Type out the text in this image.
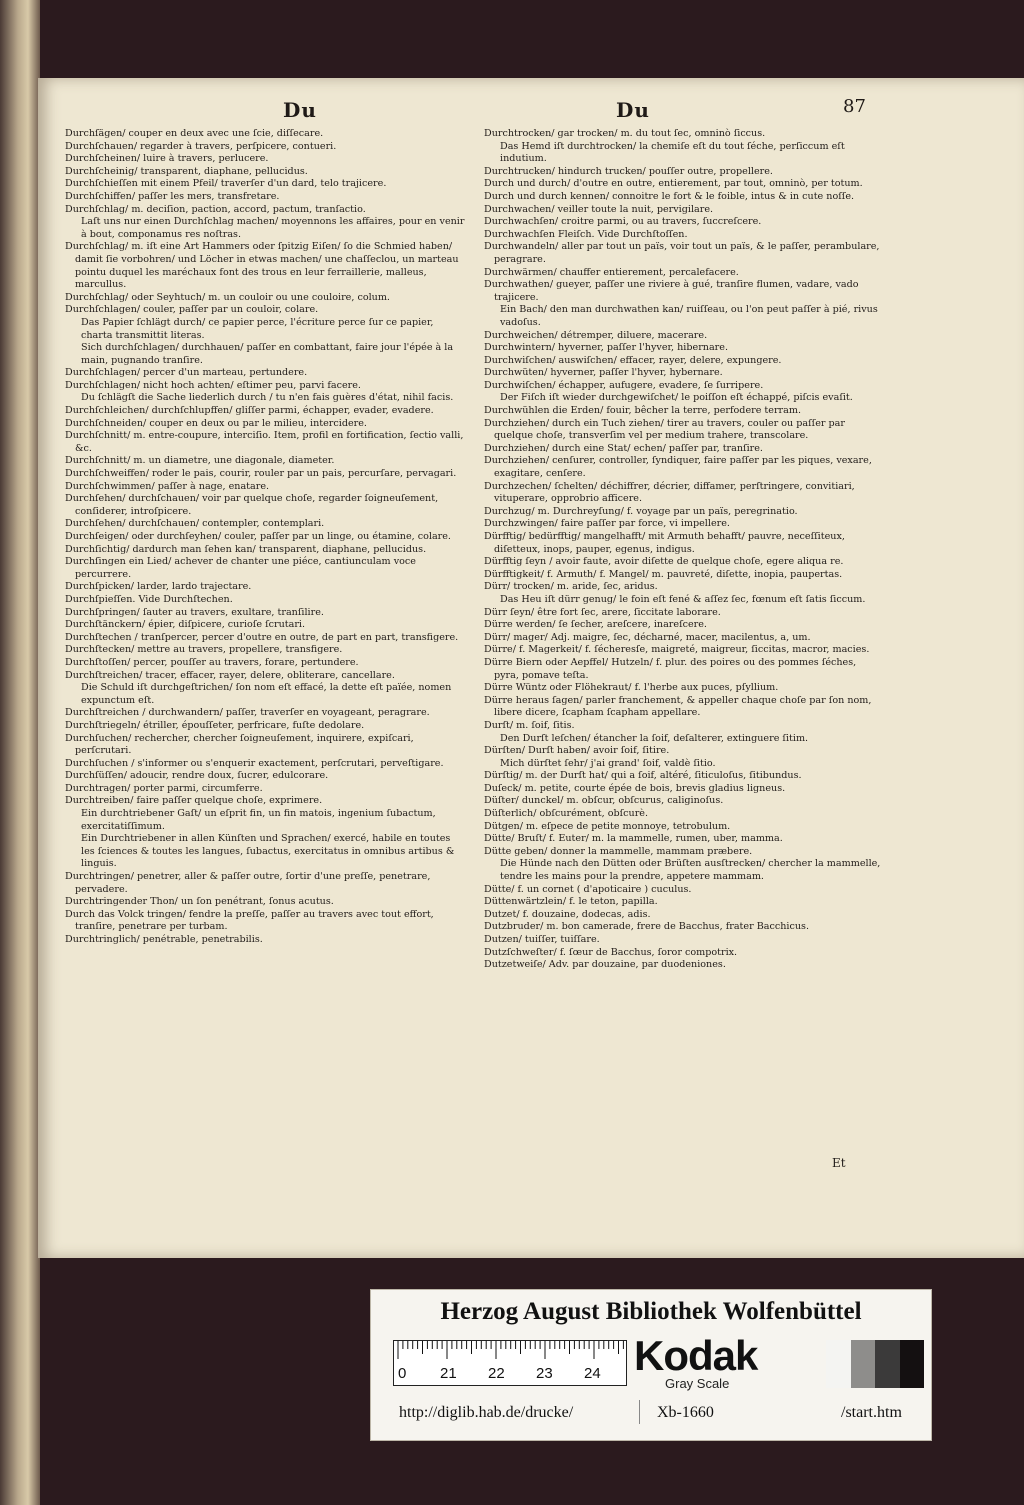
Du	Du	87

Durchſägen/ couper en deux avec une ſcie, diſſecare.

Durchſchauen/ regarder à travers, perſpicere, contueri.

Durchſcheinen/ luire à travers, perlucere.

Durchſcheinig/ transparent, diaphane, pellucidus.

Durchſchieſſen mit einem Pfeil/ traverſer d'un dard, telo trajicere.

Durchſchiffen/ paſſer les mers, transfretare.

Durchſchlag/ m. deciſion, paction, accord, pactum, tranſactio.

Laſt uns nur einen Durchſchlag machen/ moyennons les affaires, pour en venir à bout, componamus res noſtras.

Durchſchlag/ m. iſt eine Art Hammers oder ſpitzig Eiſen/ ſo die Schmied haben/ damit ſie vorbohren/ und Löcher in etwas machen/ une chaſſeclou, un marteau pointu duquel les maréchaux font des trous en leur ferraillerie, malleus, marcullus.

Durchſchlag/ oder Seyhtuch/ m. un couloir ou une couloire, colum.

Durchſchlagen/ couler, paſſer par un couloir, colare.

Das Papier ſchlägt durch/ ce papier perce, l'écriture perce ſur ce papier, charta transmittit literas.

Sich durchſchlagen/ durchhauen/ paſſer en combattant, faire jour l'épée à la main, pugnando tranſire.

Durchſchlagen/ percer d'un marteau, pertundere.

Durchſchlagen/ nicht hoch achten/ eſtimer peu, parvi facere.

Du ſchlägſt die Sache liederlich durch / tu n'en fais guères d'état, nihil facis.

Durchſchleichen/ durchſchlupffen/ gliſſer parmi, échapper, evader, evadere.

Durchſchneiden/ couper en deux ou par le milieu, intercidere.

Durchſchnitt/ m. entre-coupure, interciſio. Item, profil en fortification, ſectio valli, &c.

Durchſchnitt/ m. un diametre, une diagonale, diameter.

Durchſchweiffen/ roder le pais, courir, rouler par un pais, percurſare, pervagari.

Durchſchwimmen/ paſſer à nage, enatare.

Durchſehen/ durchſchauen/ voir par quelque choſe, regarder ſoigneuſement, conſiderer, introſpicere.

Durchſehen/ durchſchauen/ contempler, contemplari.

Durchſeigen/ oder durchſeyhen/ couler, paſſer par un linge, ou étamine, colare.

Durchſichtig/ dardurch man ſehen kan/ transparent, diaphane, pellucidus.

Durchſingen ein Lied/ achever de chanter une piéce, cantiunculam voce percurrere.

Durchſpicken/ larder, lardo trajectare.

Durchſpieſſen. Vide Durchſtechen.

Durchſpringen/ ſauter au travers, exultare, tranſilire.

Durchſtänckern/ épier, diſpicere, curioſe ſcrutari.

Durchſtechen / tranſpercer, percer d'outre en outre, de part en part, transfigere.

Durchſtecken/ mettre au travers, propellere, transfigere.

Durchſtoſſen/ percer, pouſſer au travers, forare, pertundere.

Durchſtreichen/ tracer, effacer, rayer, delere, obliterare, cancellare.

Die Schuld iſt durchgeſtrichen/ ſon nom eſt effacé, la dette eſt païée, nomen expunctum eſt.

Durchſtreichen / durchwandern/ paſſer, traverſer en voyageant, peragrare.

Durchſtriegeln/ étriller, épouſſeter, perfricare, fuſte dedolare.

Durchſuchen/ rechercher, chercher ſoigneuſement, inquirere, expiſcari, perſcrutari.

Durchſuchen / s'informer ou s'enquerir exactement, perſcrutari, perveſtigare.

Durchſüſſen/ adoucir, rendre doux, ſucrer, edulcorare.

Durchtragen/ porter parmi, circumferre.

Durchtreiben/ faire paſſer quelque choſe, exprimere.

Ein durchtriebener Gaſt/ un eſprit fin, un fin matois, ingenium ſubactum, exercitatiſſimum.

Ein Durchtriebener in allen Künſten und Sprachen/ exercé, habile en toutes les ſciences & toutes les langues, ſubactus, exercitatus in omnibus artibus & linguis.

Durchtringen/ penetrer, aller & paſſer outre, ſortir d'une preſſe, penetrare, pervadere.

Durchtringender Thon/ un ſon penétrant, ſonus acutus.

Durch das Volck tringen/ fendre la preſſe, paſſer au travers avec tout effort, tranſire, penetrare per turbam.

Durchtringlich/ penétrable, penetrabilis.

Durchtrocken/ gar trocken/ m. du tout ſec, omninò ſiccus.

Das Hemd iſt durchtrocken/ la chemiſe eſt du tout ſéche, perſiccum eſt indutium.

Durchtrucken/ hindurch trucken/ pouſſer outre, propellere.

Durch und durch/ d'outre en outre, entierement, par tout, omninò, per totum.

Durch und durch kennen/ connoitre le fort & le foible, intus & in cute noſſe.

Durchwachen/ veiller toute la nuit, pervigilare.

Durchwachſen/ croitre parmi, ou au travers, ſuccreſcere.

Durchwachſen Fleiſch. Vide Durchſtoſſen.

Durchwandeln/ aller par tout un païs, voir tout un païs, & le paſſer, perambulare, peragrare.

Durchwärmen/ chauffer entierement, percalefacere.

Durchwathen/ gueyer, paſſer une riviere à gué, tranſire flumen, vadare, vado trajicere.

Ein Bach/ den man durchwathen kan/ ruiſſeau, ou l'on peut paſſer à pié, rivus vadoſus.

Durchweichen/ détremper, diluere, macerare.

Durchwintern/ hyverner, paſſer l'hyver, hibernare.

Durchwiſchen/ auswiſchen/ effacer, rayer, delere, expungere.

Durchwüten/ hyverner, paſſer l'hyver, hybernare.

Durchwiſchen/ échapper, aufugere, evadere, ſe ſurripere.

Der Fiſch iſt wieder durchgewiſchet/ le poiſſon eſt échappé, piſcis evaſit.

Durchwühlen die Erden/ fouir, bêcher la terre, perfodere terram.

Durchziehen/ durch ein Tuch ziehen/ tirer au travers, couler ou paſſer par quelque choſe, transverſim vel per medium trahere, transcolare.

Durchziehen/ durch eine Stat/ echen/ paſſer par, tranſire.

Durchziehen/ cenſurer, controller, ſyndiquer, faire paſſer par les piques, vexare, exagitare, cenſere.

Durchzechen/ ſchelten/ déchiffrer, décrier, diffamer, perſtringere, convitiari, vituperare, opprobrio afficere.

Durchzug/ m. Durchreyſung/ f. voyage par un païs, peregrinatio.

Durchzwingen/ faire paſſer par force, vi impellere.

Dürfftig/ bedürfftig/ mangelhafft/ mit Armuth behafft/ pauvre, neceſſiteux, diſetteux, inops, pauper, egenus, indigus.

Dürfftig ſeyn / avoir faute, avoir diſette de quelque choſe, egere aliqua re.

Dürfftigkeit/ f. Armuth/ f. Mangel/ m. pauvreté, diſette, inopia, paupertas.

Dürr/ trocken/ m. aride, ſec, aridus.

Das Heu iſt dürr genug/ le foin eſt fené & aſſez ſec, fœnum eſt ſatis ſiccum.

Dürr ſeyn/ être fort ſec, arere, ſiccitate laborare.

Dürre werden/ ſe ſecher, areſcere, inareſcere.

Dürr/ mager/ Adj. maigre, ſec, décharné, macer, macilentus, a, um.

Dürre/ f. Magerkeit/ f. ſécheresſe, maigreté, maigreur, ſiccitas, macror, macies.

Dürre Biern oder Aepffel/ Hutzeln/ f. plur. des poires ou des pommes ſéches, pyra, pomave teſta.

Dürre Wüntz oder Flöhekraut/ f. l'herbe aux puces, pſyllium.

Dürre heraus ſagen/ parler franchement, & appeller chaque choſe par ſon nom, libere dicere, ſcapham ſcapham appellare.

Durſt/ m. ſoif, ſitis.

Den Durſt leſchen/ étancher la ſoif, deſalterer, extinguere ſitim.

Dürſten/ Durſt haben/ avoir ſoif, ſitire.

Mich dürſtet ſehr/ j'ai grand' ſoif, valdè ſitio.

Dürſtig/ m. der Durſt hat/ qui a ſoif, altéré, ſiticuloſus, ſitibundus.

Duſeck/ m. petite, courte épée de bois, brevis gladius ligneus.

Düſter/ dunckel/ m. obſcur, obſcurus, caliginoſus.

Düſterlich/ obſcurément, obſcurè.

Dütgen/ m. eſpece de petite monnoye, tetrobulum.

Dütte/ Bruſt/ f. Euter/ m. la mammelle, rumen, uber, mamma.

Dütte geben/ donner la mammelle, mammam præbere.

Die Hünde nach den Dütten oder Brüſten ausſtrecken/ chercher la mammelle, tendre les mains pour la prendre, appetere mammam.

Dütte/ f. un cornet ( d'apoticaire ) cuculus.

Düttenwärtzlein/ f. le teton, papilla.

Dutzet/ f. douzaine, dodecas, adis.

Dutzbruder/ m. bon camerade, frere de Bacchus, frater Bacchicus.

Dutzen/ tuiſſer, tuiſſare.

Dutzſchweſter/ f. ſœur de Bacchus, ſoror compotrix.

Dutzetweiſe/ Adv. par douzaine, par duodeniones.

Et
Herzog August Bibliothek Wolfenbüttel
0 21 22 23 24 Kodak
Gray Scale
http://diglib.hab.de/drucke/	Xb-1660	/start.htm
